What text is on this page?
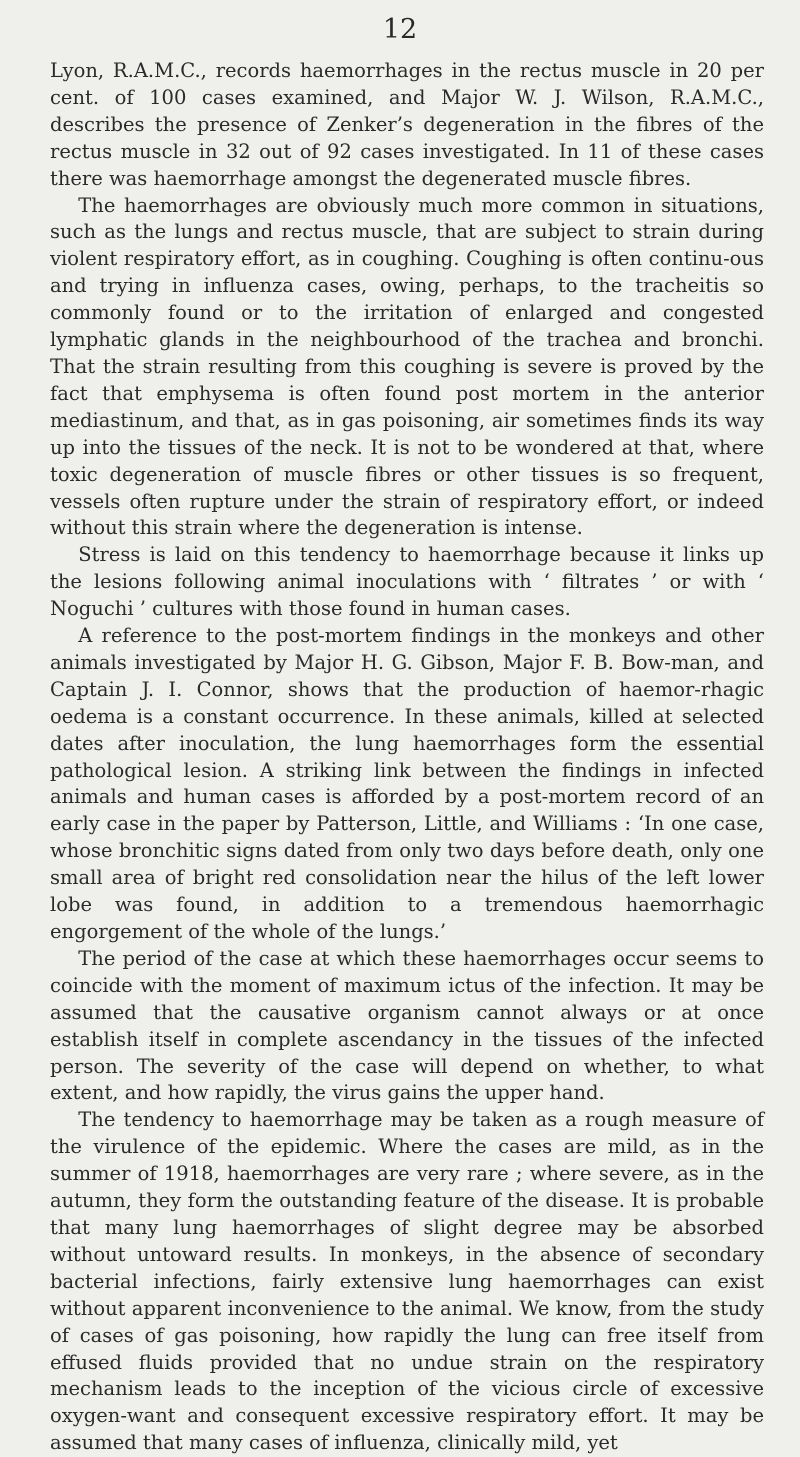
12

Lyon, R.A.M.C., records haemorrhages in the rectus muscle in 20 per cent. of 100 cases examined, and Major W. J. Wilson, R.A.M.C., describes the presence of Zenker’s degeneration in the fibres of the rectus muscle in 32 out of 92 cases investigated. In 11 of these cases there was haemorrhage amongst the degenerated muscle fibres.

The haemorrhages are obviously much more common in situations, such as the lungs and rectus muscle, that are subject to strain during violent respiratory effort, as in coughing. Coughing is often continu-ous and trying in influenza cases, owing, perhaps, to the tracheitis so commonly found or to the irritation of enlarged and congested lymphatic glands in the neighbourhood of the trachea and bronchi. That the strain resulting from this coughing is severe is proved by the fact that emphysema is often found post mortem in the anterior mediastinum, and that, as in gas poisoning, air sometimes finds its way up into the tissues of the neck. It is not to be wondered at that, where toxic degeneration of muscle fibres or other tissues is so frequent, vessels often rupture under the strain of respiratory effort, or indeed without this strain where the degeneration is intense.

Stress is laid on this tendency to haemorrhage because it links up the lesions following animal inoculations with ‘ filtrates ’ or with ‘ Noguchi ’ cultures with those found in human cases.

A reference to the post-mortem findings in the monkeys and other animals investigated by Major H. G. Gibson, Major F. B. Bow-man, and Captain J. I. Connor, shows that the production of haemor-rhagic oedema is a constant occurrence. In these animals, killed at selected dates after inoculation, the lung haemorrhages form the essential pathological lesion. A striking link between the findings in infected animals and human cases is afforded by a post-mortem record of an early case in the paper by Patterson, Little, and Williams : ‘In one case, whose bronchitic signs dated from only two days before death, only one small area of bright red consolidation near the hilus of the left lower lobe was found, in addition to a tremendous haemorrhagic engorgement of the whole of the lungs.’

The period of the case at which these haemorrhages occur seems to coincide with the moment of maximum ictus of the infection. It may be assumed that the causative organism cannot always or at once establish itself in complete ascendancy in the tissues of the infected person. The severity of the case will depend on whether, to what extent, and how rapidly, the virus gains the upper hand.

The tendency to haemorrhage may be taken as a rough measure of the virulence of the epidemic. Where the cases are mild, as in the summer of 1918, haemorrhages are very rare ; where severe, as in the autumn, they form the outstanding feature of the disease. It is probable that many lung haemorrhages of slight degree may be absorbed without untoward results. In monkeys, in the absence of secondary bacterial infections, fairly extensive lung haemorrhages can exist without apparent inconvenience to the animal. We know, from the study of cases of gas poisoning, how rapidly the lung can free itself from effused fluids provided that no undue strain on the respiratory mechanism leads to the inception of the vicious circle of excessive oxygen-want and consequent excessive respiratory effort. It may be assumed that many cases of influenza, clinically mild, yet
